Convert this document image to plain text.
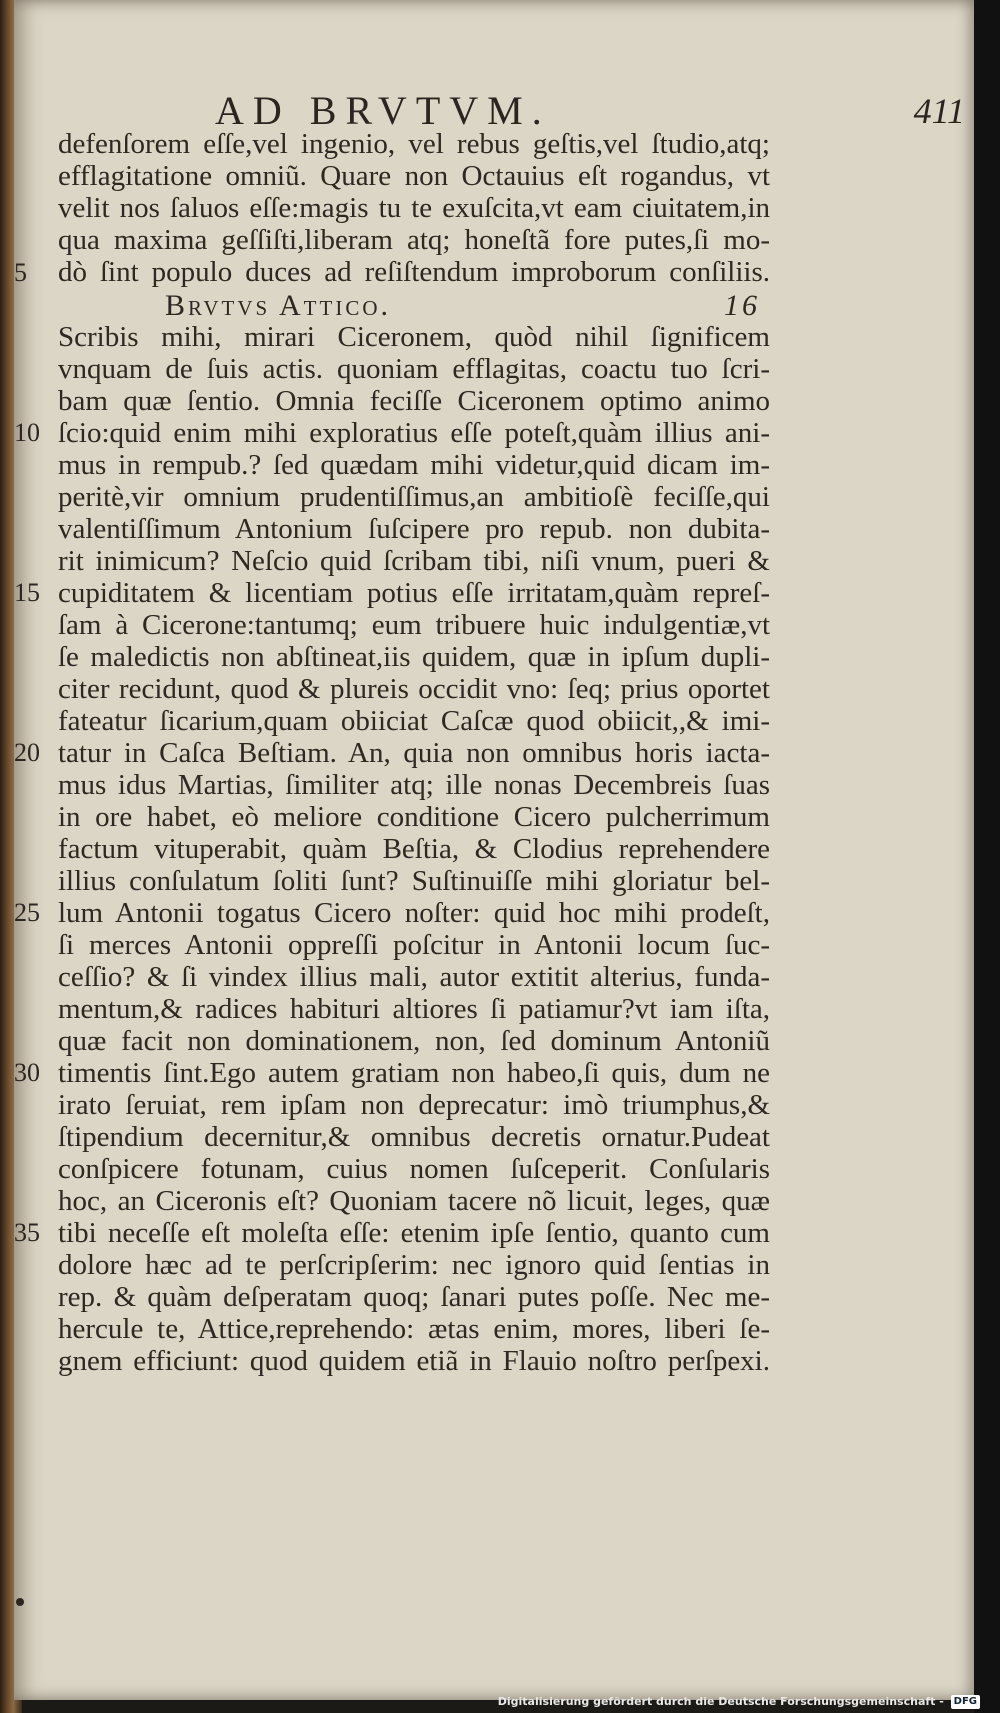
AD BRVTVM.	411
defenſorem eſſe,vel ingenio, vel rebus geſtis,vel ſtudio,atq;
efflagitatione omniũ. Quare non Octauius eſt rogandus, vt
velit nos ſaluos eſſe:magis tu te exuſcita,vt eam ciuitatem,in
qua maxima geſſiſti,liberam atq; honeſtã fore putes,ſi mo-
dò ſint populo duces ad reſiſtendum improborum conſiliis.
Brvtvs Attico.	16
Scribis mihi, mirari Ciceronem, quòd nihil ſignificem
vnquam de ſuis actis. quoniam efflagitas, coactu tuo ſcri-
bam quæ ſentio. Omnia feciſſe Ciceronem optimo animo
ſcio:quid enim mihi exploratius eſſe poteſt,quàm illius ani-
mus in rempub.? ſed quædam mihi videtur,quid dicam im-
peritè,vir omnium prudentiſſimus,an ambitioſè feciſſe,qui
valentiſſimum Antonium ſuſcipere pro repub. non dubita-
rit inimicum? Neſcio quid ſcribam tibi, niſi vnum, pueri &
cupiditatem & licentiam potius eſſe irritatam,quàm repreſ-
ſam à Cicerone:tantumq; eum tribuere huic indulgentiæ,vt
ſe maledictis non abſtineat,iis quidem, quæ in ipſum dupli-
citer recidunt, quod & plureis occidit vno: ſeq; prius oportet
fateatur ſicarium,quam obiiciat Caſcæ quod obiicit,,& imi-
tatur in Caſca Beſtiam. An, quia non omnibus horis iacta-
mus idus Martias, ſimiliter atq; ille nonas Decembreis ſuas
in ore habet, eò meliore conditione Cicero pulcherrimum
factum vituperabit, quàm Beſtia, & Clodius reprehendere
illius conſulatum ſoliti ſunt? Suſtinuiſſe mihi gloriatur bel-
lum Antonii togatus Cicero noſter: quid hoc mihi prodeſt,
ſi merces Antonii oppreſſi poſcitur in Antonii locum ſuc-
ceſſio? & ſi vindex illius mali, autor extitit alterius, funda-
mentum,& radices habituri altiores ſi patiamur?vt iam iſta,
quæ facit non dominationem, non, ſed dominum Antoniũ
timentis ſint.Ego autem gratiam non habeo,ſi quis, dum ne
irato ſeruiat, rem ipſam non deprecatur: imò triumphus,&
ſtipendium decernitur,& omnibus decretis ornatur.Pudeat
conſpicere fotunam, cuius nomen ſuſceperit. Conſularis
hoc, an Ciceronis eſt? Quoniam tacere nõ licuit, leges, quæ
tibi neceſſe eſt moleſta eſſe: etenim ipſe ſentio, quanto cum
dolore hæc ad te perſcripſerim: nec ignoro quid ſentias in
rep. & quàm deſperatam quoq; ſanari putes poſſe. Nec me-
hercule te, Attice,reprehendo: ætas enim, mores, liberi ſe-
gnem efficiunt: quod quidem etiã in Flauio noſtro perſpexi.
5
10
15
20
25
30
35
Digitalisierung gefördert durch die Deutsche Forschungsgemeinschaft - DFG
